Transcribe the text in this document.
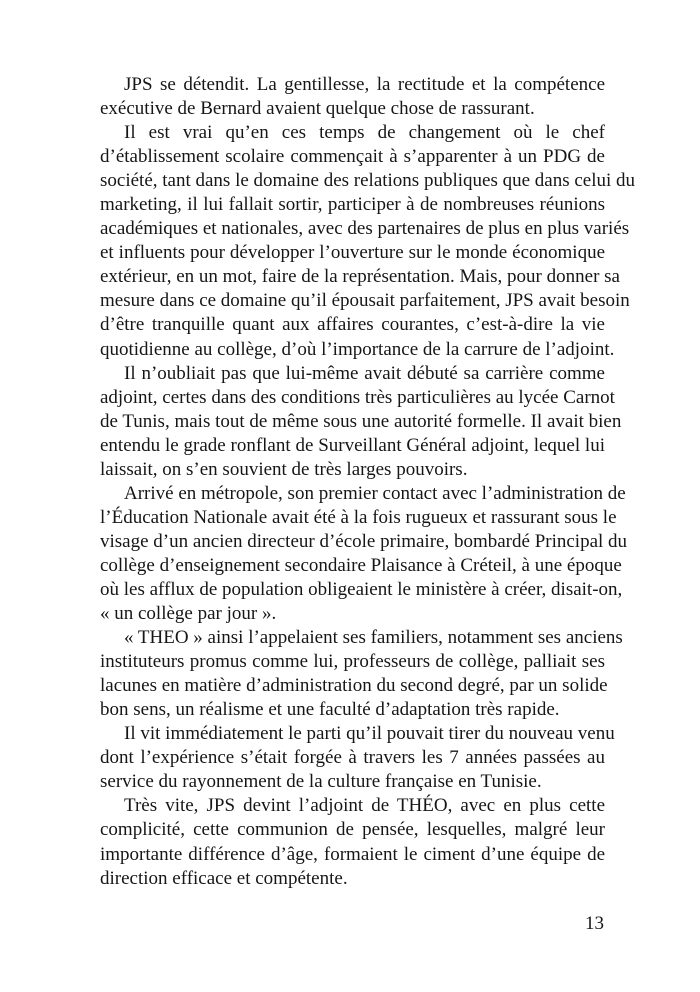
JPS se détendit. La gentillesse, la rectitude et la compétence
exécutive de Bernard avaient quelque chose de rassurant.
Il est vrai qu’en ces temps de changement où le chef
d’établissement scolaire commençait à s’apparenter à un PDG de
société, tant dans le domaine des relations publiques que dans celui du
marketing, il lui fallait sortir, participer à de nombreuses réunions
académiques et nationales, avec des partenaires de plus en plus variés
et influents pour développer l’ouverture sur le monde économique
extérieur, en un mot, faire de la représentation. Mais, pour donner sa
mesure dans ce domaine qu’il épousait parfaitement, JPS avait besoin
d’être tranquille quant aux affaires courantes, c’est-à-dire la vie
quotidienne au collège, d’où l’importance de la carrure de l’adjoint.
Il n’oubliait pas que lui-même avait débuté sa carrière comme
adjoint, certes dans des conditions très particulières au lycée Carnot
de Tunis, mais tout de même sous une autorité formelle. Il avait bien
entendu le grade ronflant de Surveillant Général adjoint, lequel lui
laissait, on s’en souvient de très larges pouvoirs.
Arrivé en métropole, son premier contact avec l’administration de
l’Éducation Nationale avait été à la fois rugueux et rassurant sous le
visage d’un ancien directeur d’école primaire, bombardé Principal du
collège d’enseignement secondaire Plaisance à Créteil, à une époque
où les afflux de population obligeaient le ministère à créer, disait-on,
« un collège par jour ».
« THEO » ainsi l’appelaient ses familiers, notamment ses anciens
instituteurs promus comme lui, professeurs de collège, palliait ses
lacunes en matière d’administration du second degré, par un solide
bon sens, un réalisme et une faculté d’adaptation très rapide.
Il vit immédiatement le parti qu’il pouvait tirer du nouveau venu
dont l’expérience s’était forgée à travers les 7 années passées au
service du rayonnement de la culture française en Tunisie.
Très vite, JPS devint l’adjoint de THÉO, avec en plus cette
complicité, cette communion de pensée, lesquelles, malgré leur
importante différence d’âge, formaient le ciment d’une équipe de
direction efficace et compétente.
13
